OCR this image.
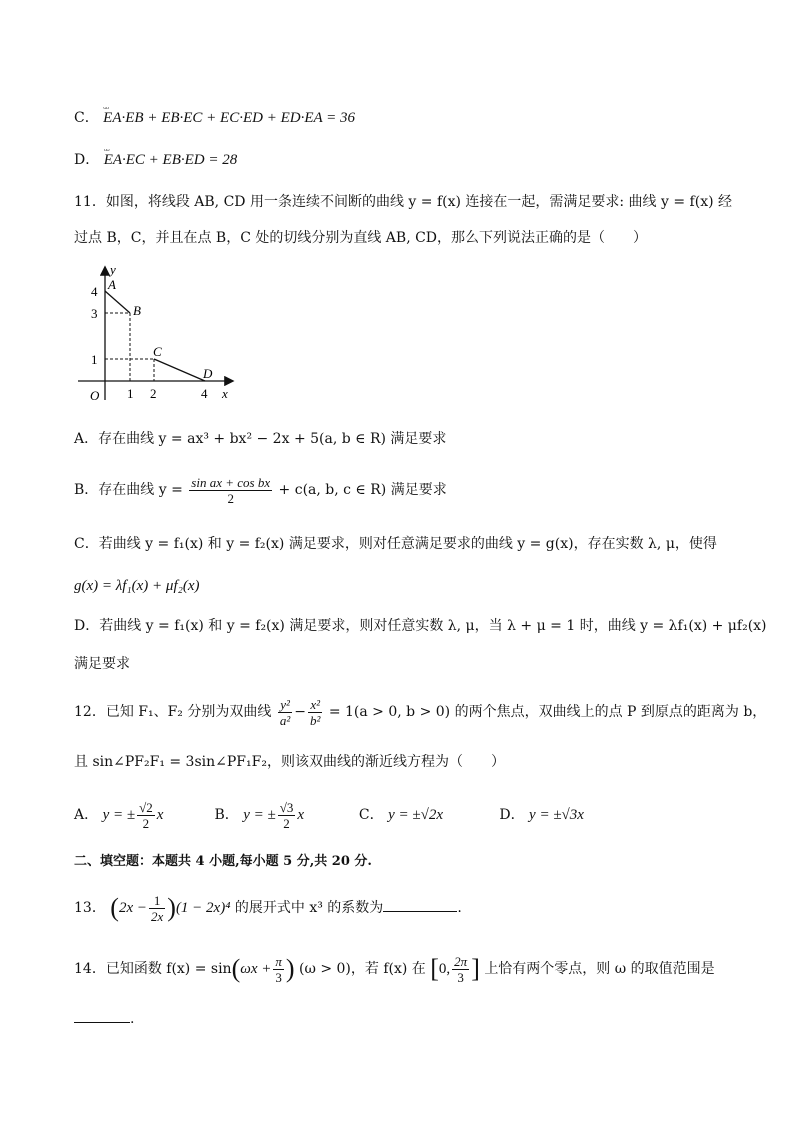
C． ᴗᴗ EA·EB + EB·EC + EC·ED + ED·EA = 36
D． ᴗᴗ EA·EC + EB·ED = 28
11．如图，将线段 AB, CD 用一条连续不间断的曲线 y = f(x) 连接在一起，需满足要求: 曲线 y = f(x) 经
过点 B，C，并且在点 B，C 处的切线分别为直线 AB, CD，那么下列说法正确的是（　　）
y
x
O
A
B
C
D
4
3
1
1 2	4
A．存在曲线 y = ax³ + bx² − 2x + 5(a, b ∈ R) 满足要求
B．存在曲线 $y = \frac{\text{sin ax + cos bx}}{2} + c(a$, b, c ∈ R) 满足要求
C．若曲线 y = f₁(x) 和 y = f₂(x) 满足要求，则对任意满足要求的曲线 y = g(x)，存在实数 λ, μ，使得
g(x) = λf₁(x) + μf₂(x)
D．若曲线 y = f₁(x) 和 y = f₂(x) 满足要求，则对任意实数 λ, μ，当 λ + μ = 1 时，曲线 y = λf₁(x) + μf₂(x)
满足要求
12．已知 F₁、F₂ 分别为双曲线 $\frac{\text{y²}}{\text{a²}} - \frac{\text{x²}}{\text{b²}} = 1(a > 0$, b > 0) 的两个焦点，双曲线上的点 P 到原点的距离为 b，
且 sin∠PF₂F₁ = 3sin∠PF₁F₂，则该双曲线的渐近线方程为（　　）
A． y = ± $\frac{√2}{2}$ x	B． y = ± $\frac{√3}{2}$ x	C． y = ±√2x	D． y = ±√3x
二、填空题：本题共 4 小题,每小题 5 分,共 20 分.
13． $(2x - \frac{1}{2x} )(1 - 2x)^4$ 的展开式中 x³ 的系数为	.
14．已知函数 $f(x) = \sin(\omega x + \frac{\pi}{3}$ ) (ω > 0)，若 f(x) 在 [0, $\frac{2\pi}{3}$ ] 上恰有两个零点，则 ω 的取值范围是
.
